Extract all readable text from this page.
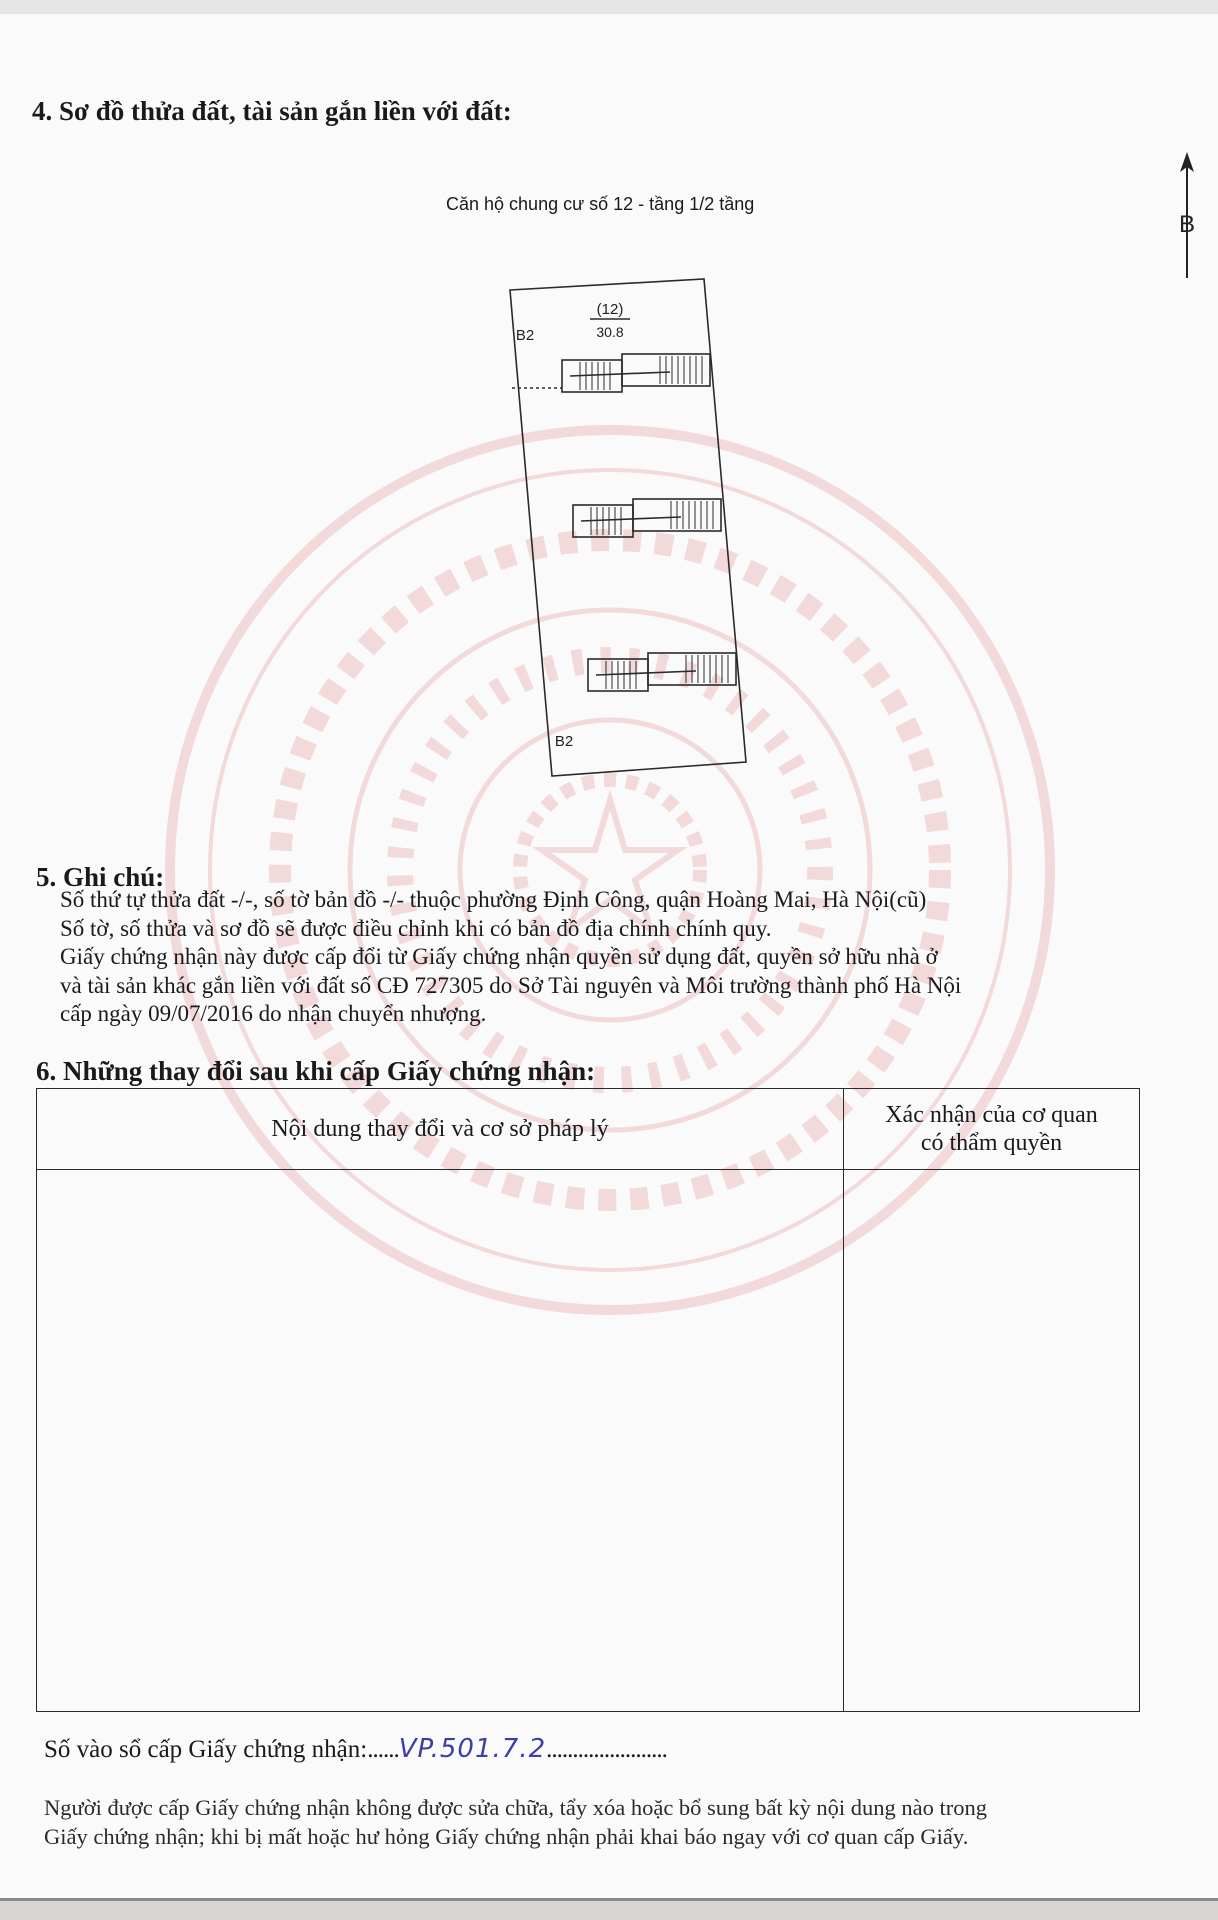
4. Sơ đồ thửa đất, tài sản gắn liền với đất:
Căn hộ chung cư số 12 - tầng 1/2 tầng
B
(12)
30.8
B2
B2
5. Ghi chú:

Số thứ tự thửa đất -/-, số tờ bản đồ -/- thuộc phường Định Công, quận Hoàng Mai, Hà Nội(cũ)

Số tờ, số thửa và sơ đồ sẽ được điều chỉnh khi có bản đồ địa chính chính quy.

Giấy chứng nhận này được cấp đổi từ Giấy chứng nhận quyền sử dụng đất, quyền sở hữu nhà ở

và tài sản khác gắn liền với đất số CĐ 727305 do Sở Tài nguyên và Môi trường thành phố Hà Nội

cấp ngày 09/07/2016 do nhận chuyển nhượng.

6. Những thay đổi sau khi cấp Giấy chứng nhận:
Nội dung thay đổi và cơ sở pháp lý	Xác nhận của cơ quan
có thẩm quyền

Số vào sổ cấp Giấy chứng nhận:......VP.501.7.2.......................

Người được cấp Giấy chứng nhận không được sửa chữa, tẩy xóa hoặc bổ sung bất kỳ nội dung nào trong

Giấy chứng nhận; khi bị mất hoặc hư hỏng Giấy chứng nhận phải khai báo ngay với cơ quan cấp Giấy.
